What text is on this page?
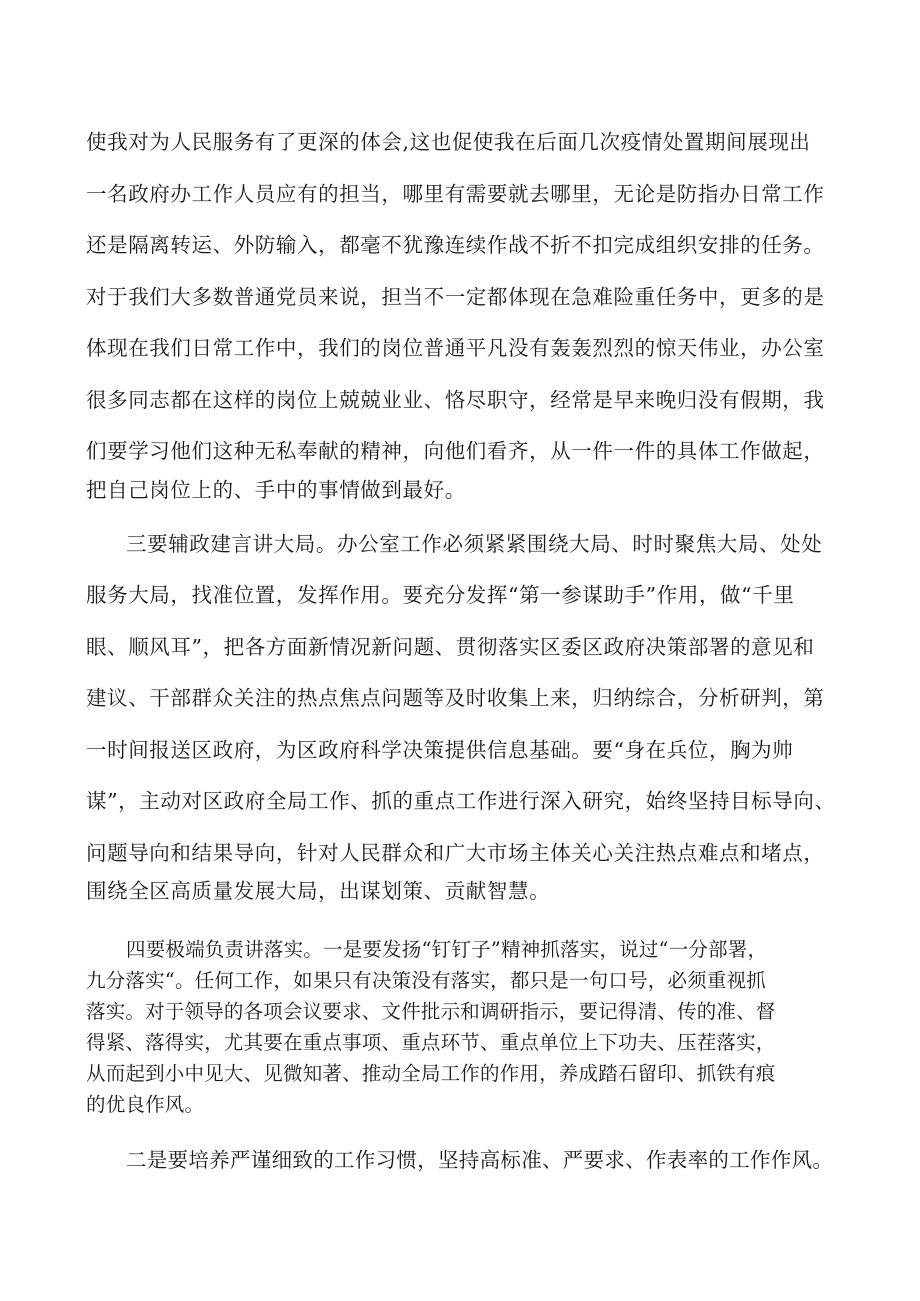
使我对为人民服务有了更深的体会,这也促使我在后面几次疫情处置期间展现出
一名政府办工作人员应有的担当，哪里有需要就去哪里，无论是防指办日常工作
还是隔离转运、外防输入，都毫不犹豫连续作战不折不扣完成组织安排的任务。
对于我们大多数普通党员来说，担当不一定都体现在急难险重任务中，更多的是
体现在我们日常工作中，我们的岗位普通平凡没有轰轰烈烈的惊天伟业，办公室
很多同志都在这样的岗位上兢兢业业、恪尽职守，经常是早来晚归没有假期，我
们要学习他们这种无私奉献的精神，向他们看齐，从一件一件的具体工作做起，
把自己岗位上的、手中的事情做到最好。
三要辅政建言讲大局。办公室工作必须紧紧围绕大局、时时聚焦大局、处处
服务大局，找准位置，发挥作用。要充分发挥“第一参谋助手”作用，做“千里
眼、顺风耳”，把各方面新情况新问题、贯彻落实区委区政府决策部署的意见和
建议、干部群众关注的热点焦点问题等及时收集上来，归纳综合，分析研判，第
一时间报送区政府，为区政府科学决策提供信息基础。要“身在兵位，胸为帅
谋”，主动对区政府全局工作、抓的重点工作进行深入研究，始终坚持目标导向、
问题导向和结果导向，针对人民群众和广大市场主体关心关注热点难点和堵点，
围绕全区高质量发展大局，出谋划策、贡献智慧。
四要极端负责讲落实。一是要发扬“钉钉子”精神抓落实，说过“一分部署，
九分落实“。任何工作，如果只有决策没有落实，都只是一句口号，必须重视抓
落实。对于领导的各项会议要求、文件批示和调研指示，要记得清、传的准、督
得紧、落得实，尤其要在重点事项、重点环节、重点单位上下功夫、压茬落实，
从而起到小中见大、见微知著、推动全局工作的作用，养成踏石留印、抓铁有痕
的优良作风。
二是要培养严谨细致的工作习惯，坚持高标准、严要求、作表率的工作作风。
